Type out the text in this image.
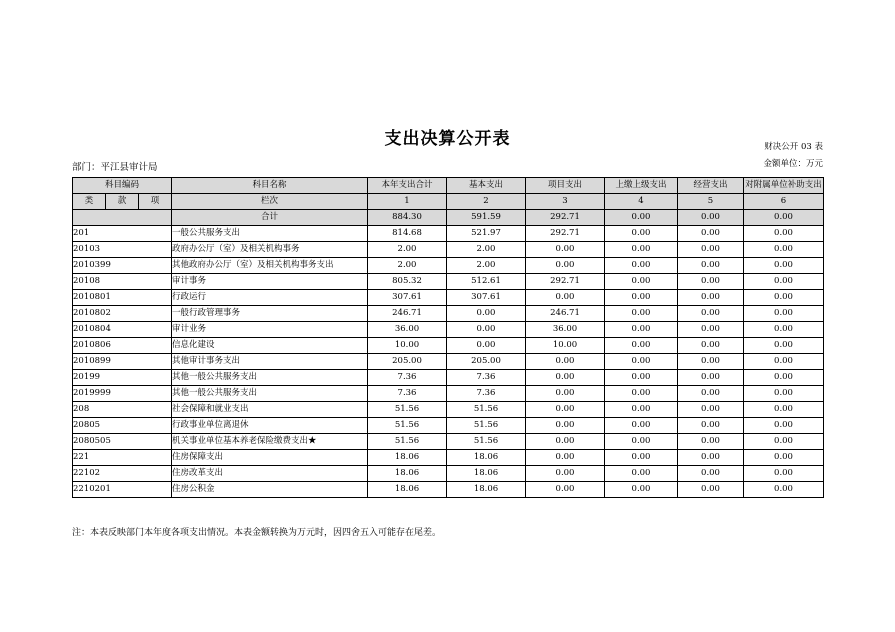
支出决算公开表	财决公开 03 表
金额单位：万元
部门：平江县审计局
科目编码			科目名称	本年支出合计	基本支出	项目支出	上缴上级支出	经营支出	对附属单位补助支出
类	款	项	栏次	1	2	3	4	5	6
			合计	884.30	591.59	292.71	0.00	0.00	0.00
201			一般公共服务支出	814.68	521.97	292.71	0.00	0.00	0.00
20103			政府办公厅（室）及相关机构事务	2.00	2.00	0.00	0.00	0.00	0.00
2010399			其他政府办公厅（室）及相关机构事务支出	2.00	2.00	0.00	0.00	0.00	0.00
20108			审计事务	805.32	512.61	292.71	0.00	0.00	0.00
2010801			行政运行	307.61	307.61	0.00	0.00	0.00	0.00
2010802			一般行政管理事务	246.71	0.00	246.71	0.00	0.00	0.00
2010804			审计业务	36.00	0.00	36.00	0.00	0.00	0.00
2010806			信息化建设	10.00	0.00	10.00	0.00	0.00	0.00
2010899			其他审计事务支出	205.00	205.00	0.00	0.00	0.00	0.00
20199			其他一般公共服务支出	7.36	7.36	0.00	0.00	0.00	0.00
2019999			其他一般公共服务支出	7.36	7.36	0.00	0.00	0.00	0.00
208			社会保障和就业支出	51.56	51.56	0.00	0.00	0.00	0.00
20805			行政事业单位离退休	51.56	51.56	0.00	0.00	0.00	0.00
2080505			机关事业单位基本养老保险缴费支出★	51.56	51.56	0.00	0.00	0.00	0.00
221			住房保障支出	18.06	18.06	0.00	0.00	0.00	0.00
22102			住房改革支出	18.06	18.06	0.00	0.00	0.00	0.00
2210201			住房公积金	18.06	18.06	0.00	0.00	0.00	0.00
注：本表反映部门本年度各项支出情况。本表金额转换为万元时，因四舍五入可能存在尾差。
